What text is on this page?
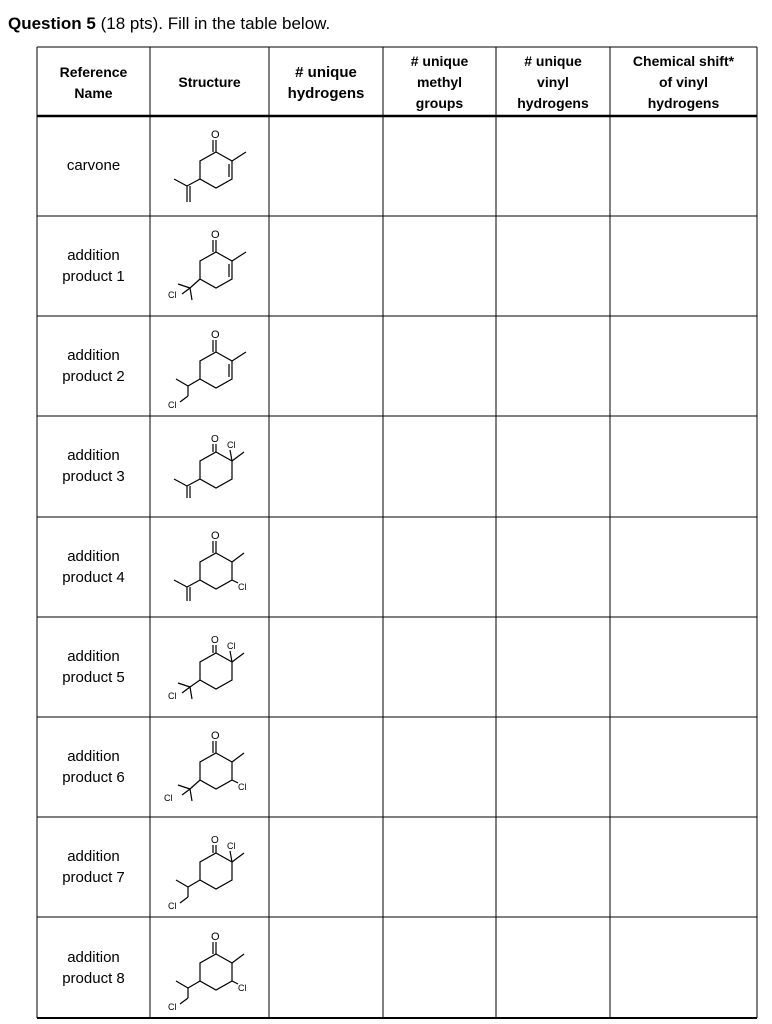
Question 5 (18 pts). Fill in the table below.
Reference
Name
Structure
# unique
hydrogens
# unique
methyl
groups
# unique
vinyl
hydrogens
Chemical shift*
of vinyl
hydrogens
carvone
addition
product 1
addition
product 2
addition
product 3
addition
product 4
addition
product 5
addition
product 6
addition
product 7
addition
product 8
O
O
Cl
O
Cl
O Cl
O
Cl
O Cl
Cl
O
Cl
Cl
O Cl
Cl
O
Cl
Cl
